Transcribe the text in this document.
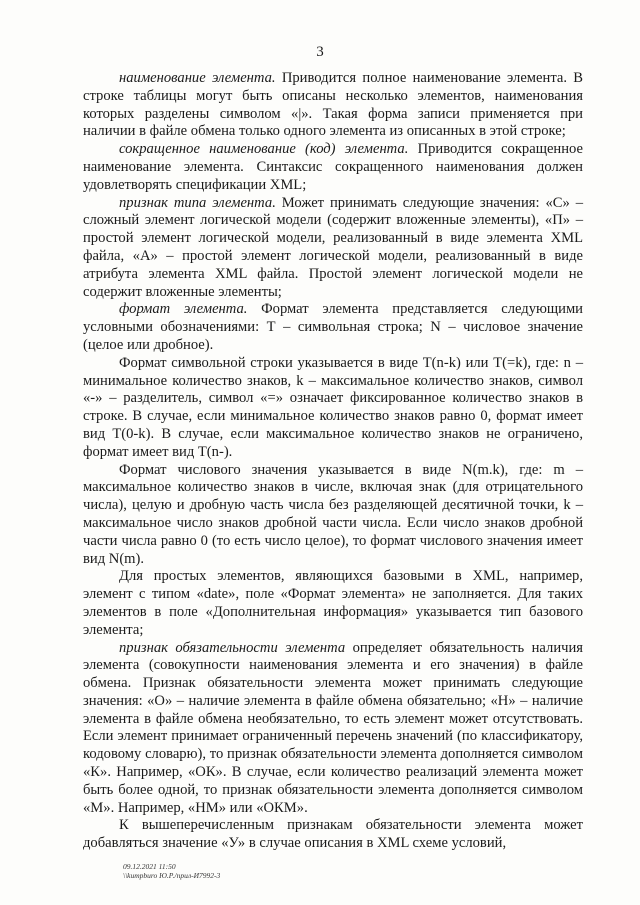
3

наименование элемента. Приводится полное наименование элемента. В строке таблицы могут быть описаны несколько элементов, наименования которых разделены символом «|». Такая форма записи применяется при наличии в файле обмена только одного элемента из описанных в этой строке;

сокращенное наименование (код) элемента. Приводится сокращенное наименование элемента. Синтаксис сокращенного наименования должен удовлетворять спецификации XML;

признак типа элемента. Может принимать следующие значения: «С» – сложный элемент логической модели (содержит вложенные элементы), «П» – простой элемент логической модели, реализованный в виде элемента XML файла, «А» – простой элемент логической модели, реализованный в виде атрибута элемента XML файла. Простой элемент логической модели не содержит вложенные элементы;

формат элемента. Формат элемента представляется следующими условными обозначениями: Т – символьная строка; N – числовое значение (целое или дробное).

Формат символьной строки указывается в виде Т(n-k) или Т(=k), где: n – минимальное количество знаков, k – максимальное количество знаков, символ «-» – разделитель, символ «=» означает фиксированное количество знаков в строке. В случае, если минимальное количество знаков равно 0, формат имеет вид Т(0-k). В случае, если максимальное количество знаков не ограничено, формат имеет вид Т(n-).

Формат числового значения указывается в виде N(m.k), где: m – максимальное количество знаков в числе, включая знак (для отрицательного числа), целую и дробную часть числа без разделяющей десятичной точки, k – максимальное число знаков дробной части числа. Если число знаков дробной части числа равно 0 (то есть число целое), то формат числового значения имеет вид N(m).

Для простых элементов, являющихся базовыми в XML, например, элемент с типом «date», поле «Формат элемента» не заполняется. Для таких элементов в поле «Дополнительная информация» указывается тип базового элемента;

признак обязательности элемента определяет обязательность наличия элемента (совокупности наименования элемента и его значения) в файле обмена. Признак обязательности элемента может принимать следующие значения: «О» – наличие элемента в файле обмена обязательно; «Н» – наличие элемента в файле обмена необязательно, то есть элемент может отсутствовать. Если элемент принимает ограниченный перечень значений (по классификатору, кодовому словарю), то признак обязательности элемента дополняется символом «К». Например, «ОК». В случае, если количество реализаций элемента может быть более одной, то признак обязательности элемента дополняется символом «М». Например, «НМ» или «ОКМ».

К вышеперечисленным признакам обязательности элемента может добавляться значение «У» в случае описания в XML схеме условий,

09.12.2021 11:50
\\kumpburo Ю.Р./прил-И7992-3
